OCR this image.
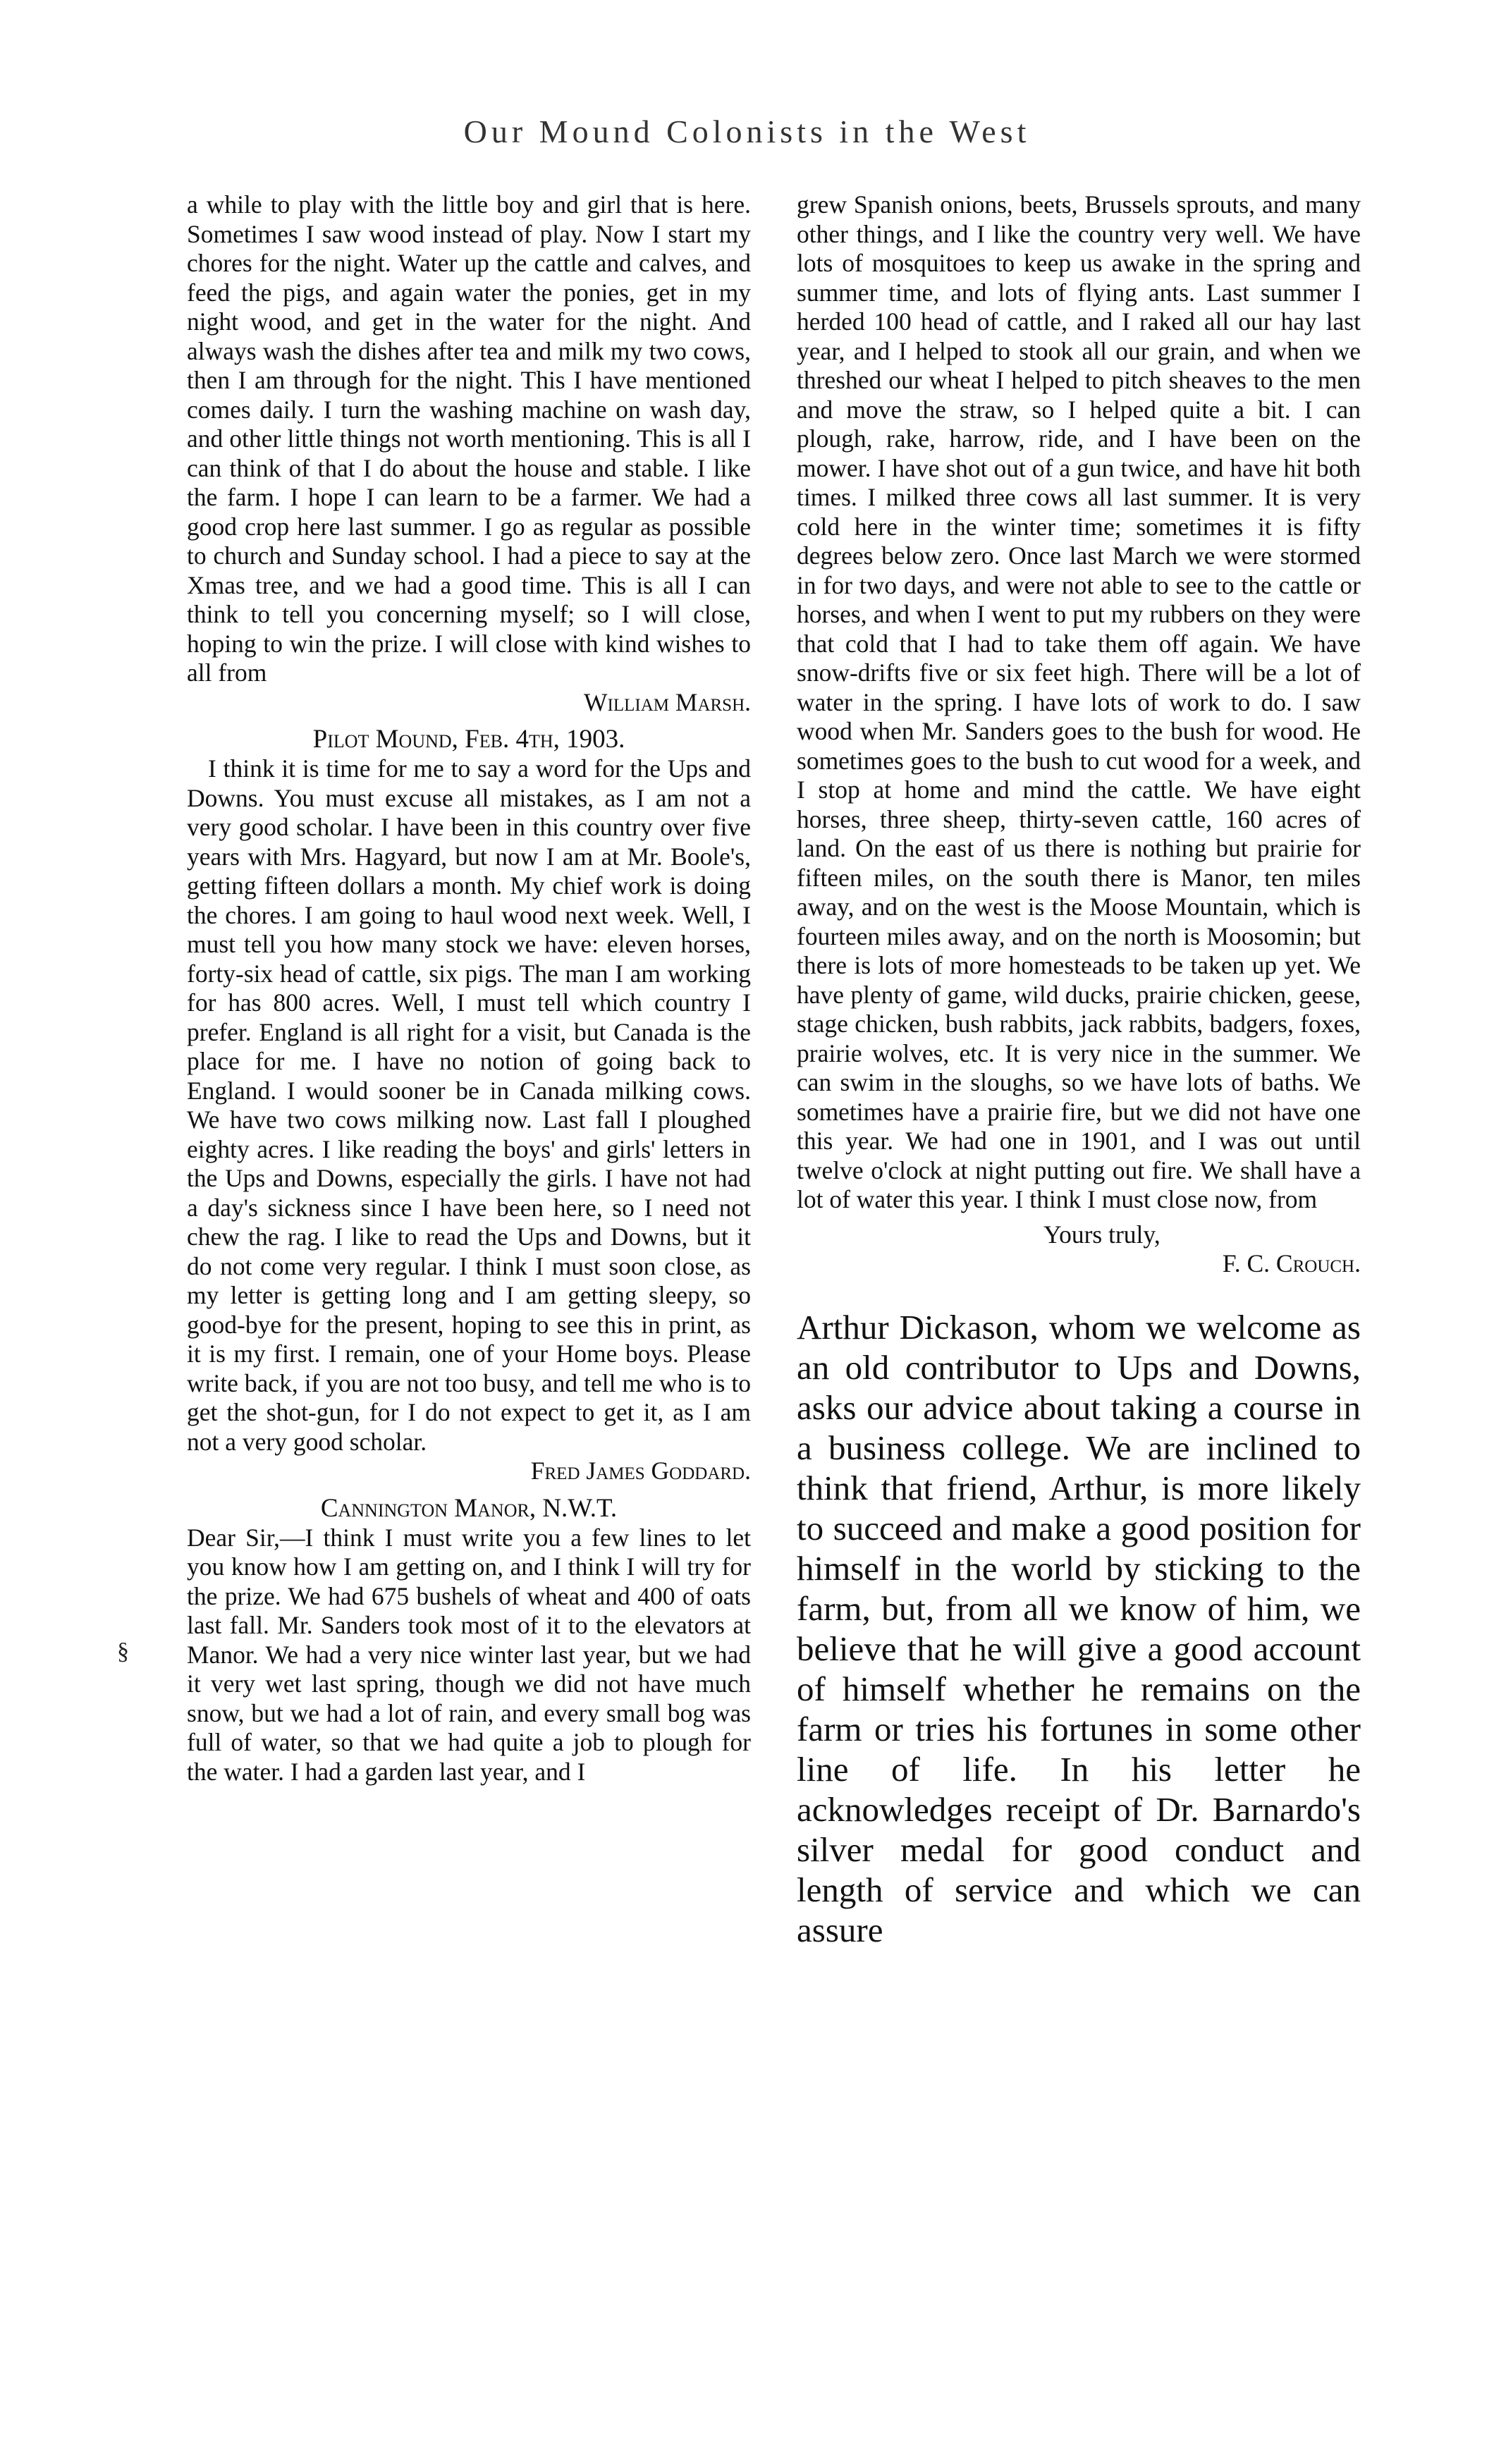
Our Mound Colonists in the West

a while to play with the little boy and girl that is here. Sometimes I saw wood instead of play. Now I start my chores for the night. Water up the cattle and calves, and feed the pigs, and again water the ponies, get in my night wood, and get in the water for the night. And always wash the dishes after tea and milk my two cows, then I am through for the night. This I have mentioned comes daily. I turn the washing machine on wash day, and other little things not worth mentioning. This is all I can think of that I do about the house and stable. I like the farm. I hope I can learn to be a farmer. We had a good crop here last summer. I go as regular as possible to church and Sunday school. I had a piece to say at the Xmas tree, and we had a good time. This is all I can think to tell you concerning myself; so I will close, hoping to win the prize. I will close with kind wishes to all from

William Marsh.

Pilot Mound, Feb. 4th, 1903.

I think it is time for me to say a word for the Ups and Downs. You must excuse all mistakes, as I am not a very good scholar. I have been in this country over five years with Mrs. Hagyard, but now I am at Mr. Boole's, getting fifteen dollars a month. My chief work is doing the chores. I am going to haul wood next week. Well, I must tell you how many stock we have: eleven horses, forty-six head of cattle, six pigs. The man I am working for has 800 acres. Well, I must tell which country I prefer. England is all right for a visit, but Canada is the place for me. I have no notion of going back to England. I would sooner be in Canada milking cows. We have two cows milking now. Last fall I ploughed eighty acres. I like reading the boys' and girls' letters in the Ups and Downs, especially the girls. I have not had a day's sickness since I have been here, so I need not chew the rag. I like to read the Ups and Downs, but it do not come very regular. I think I must soon close, as my letter is getting long and I am getting sleepy, so good-bye for the present, hoping to see this in print, as it is my first. I remain, one of your Home boys. Please write back, if you are not too busy, and tell me who is to get the shot-gun, for I do not expect to get it, as I am not a very good scholar.

Fred James Goddard.

Cannington Manor, N.W.T.

Dear Sir,—I think I must write you a few lines to let you know how I am getting on, and I think I will try for the prize. We had 675 bushels of wheat and 400 of oats last fall. Mr. Sanders took most of it to the elevators at Manor. We had a very nice winter last year, but we had it very wet last spring, though we did not have much snow, but we had a lot of rain, and every small bog was full of water, so that we had quite a job to plough for the water. I had a garden last year, and I

grew Spanish onions, beets, Brussels sprouts, and many other things, and I like the country very well. We have lots of mosquitoes to keep us awake in the spring and summer time, and lots of flying ants. Last summer I herded 100 head of cattle, and I raked all our hay last year, and I helped to stook all our grain, and when we threshed our wheat I helped to pitch sheaves to the men and move the straw, so I helped quite a bit. I can plough, rake, harrow, ride, and I have been on the mower. I have shot out of a gun twice, and have hit both times. I milked three cows all last summer. It is very cold here in the winter time; sometimes it is fifty degrees below zero. Once last March we were stormed in for two days, and were not able to see to the cattle or horses, and when I went to put my rubbers on they were that cold that I had to take them off again. We have snow-drifts five or six feet high. There will be a lot of water in the spring. I have lots of work to do. I saw wood when Mr. Sanders goes to the bush for wood. He sometimes goes to the bush to cut wood for a week, and I stop at home and mind the cattle. We have eight horses, three sheep, thirty-seven cattle, 160 acres of land. On the east of us there is nothing but prairie for fifteen miles, on the south there is Manor, ten miles away, and on the west is the Moose Mountain, which is fourteen miles away, and on the north is Moosomin; but there is lots of more homesteads to be taken up yet. We have plenty of game, wild ducks, prairie chicken, geese, stage chicken, bush rabbits, jack rabbits, badgers, foxes, prairie wolves, etc. It is very nice in the summer. We can swim in the sloughs, so we have lots of baths. We sometimes have a prairie fire, but we did not have one this year. We had one in 1901, and I was out until twelve o'clock at night putting out fire. We shall have a lot of water this year. I think I must close now, from

Yours truly,

F. C. Crouch.

Arthur Dickason, whom we welcome as an old contributor to Ups and Downs, asks our advice about taking a course in a business college. We are inclined to think that friend, Arthur, is more likely to succeed and make a good position for himself in the world by sticking to the farm, but, from all we know of him, we believe that he will give a good account of himself whether he remains on the farm or tries his fortunes in some other line of life. In his letter he acknowledges receipt of Dr. Barnardo's silver medal for good conduct and length of service and which we can assure

§
